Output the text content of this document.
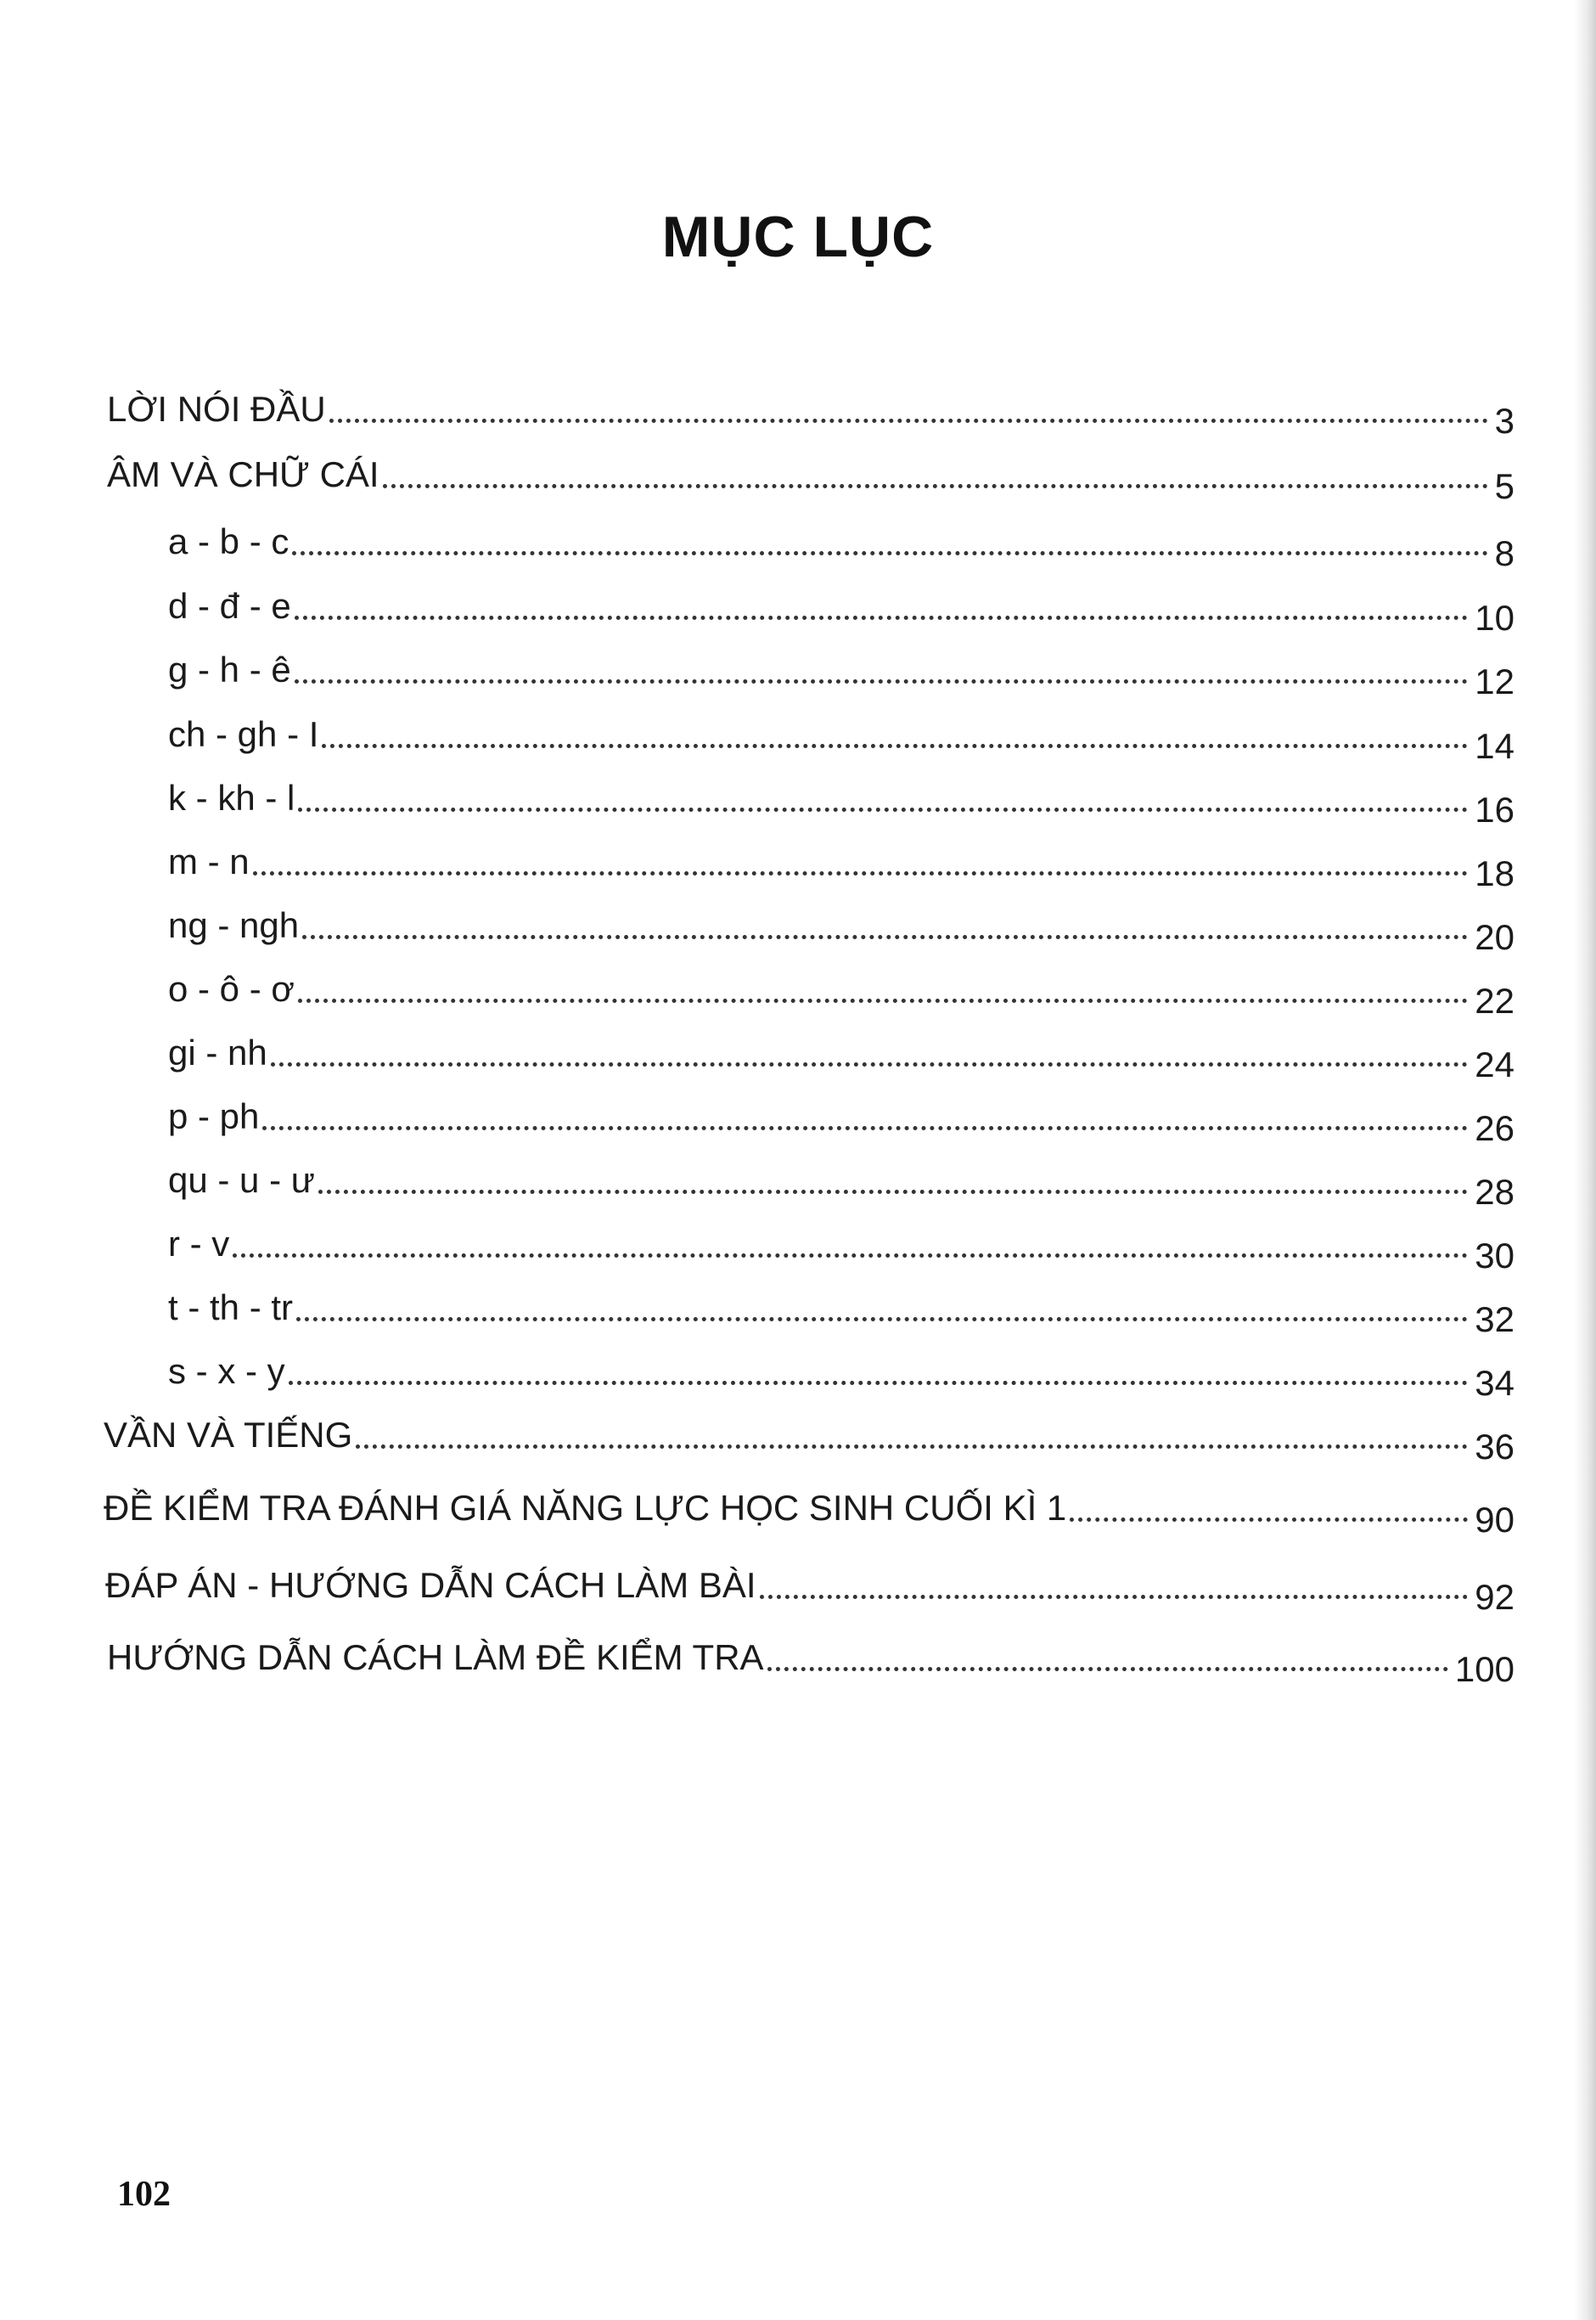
MỤC LỤC
LỜI NÓI ĐẦU	3
ÂM VÀ CHỮ CÁI	5
a - b - c	8
d - đ - e	10
g - h - ê	12
ch - gh - I	14
k - kh - l	16
m - n	18
ng - ngh	20
o - ô - ơ	22
gi - nh	24
p - ph	26
qu - u - ư	28
r - v	30
t - th - tr	32
s - x - y	34
VẦN VÀ TIẾNG	36
ĐỀ KIỂM TRA ĐÁNH GIÁ NĂNG LỰC HỌC SINH CUỐI KÌ 1	90
ĐÁP ÁN - HƯỚNG DẪN CÁCH LÀM BÀI	92
HƯỚNG DẪN CÁCH LÀM ĐỀ KIỂM TRA	100
102
